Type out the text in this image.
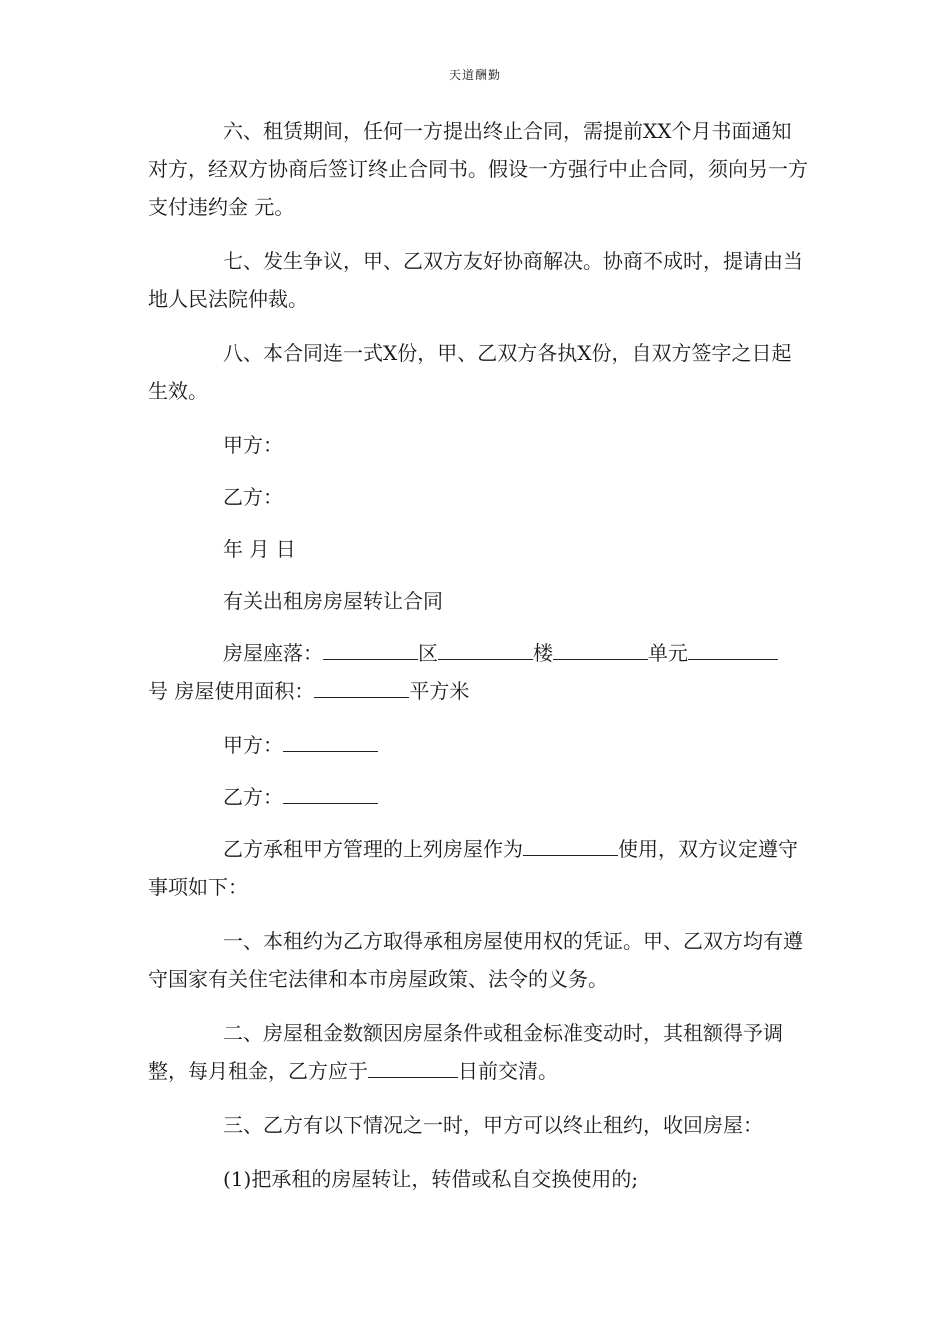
天道酬勤

六、租赁期间，任何一方提出终止合同，需提前XX个月书面通知对方，经双方协商后签订终止合同书。假设一方强行中止合同，须向另一方支付违约金 元。

七、发生争议，甲、乙双方友好协商解决。协商不成时，提请由当地人民法院仲裁。

八、本合同连一式X份，甲、乙双方各执X份，自双方签字之日起生效。

甲方：

乙方：

年 月 日

有关出租房房屋转让合同

房屋座落：	区	楼	单元号 房屋使用面积：	平方米

甲方：

乙方：

乙方承租甲方管理的上列房屋作为	使用，双方议定遵守事项如下：

一、本租约为乙方取得承租房屋使用权的凭证。甲、乙双方均有遵守国家有关住宅法律和本市房屋政策、法令的义务。

二、房屋租金数额因房屋条件或租金标准变动时，其租额得予调整，每月租金，乙方应于	日前交清。

三、乙方有以下情况之一时，甲方可以终止租约，收回房屋：

(1)把承租的房屋转让，转借或私自交换使用的;
